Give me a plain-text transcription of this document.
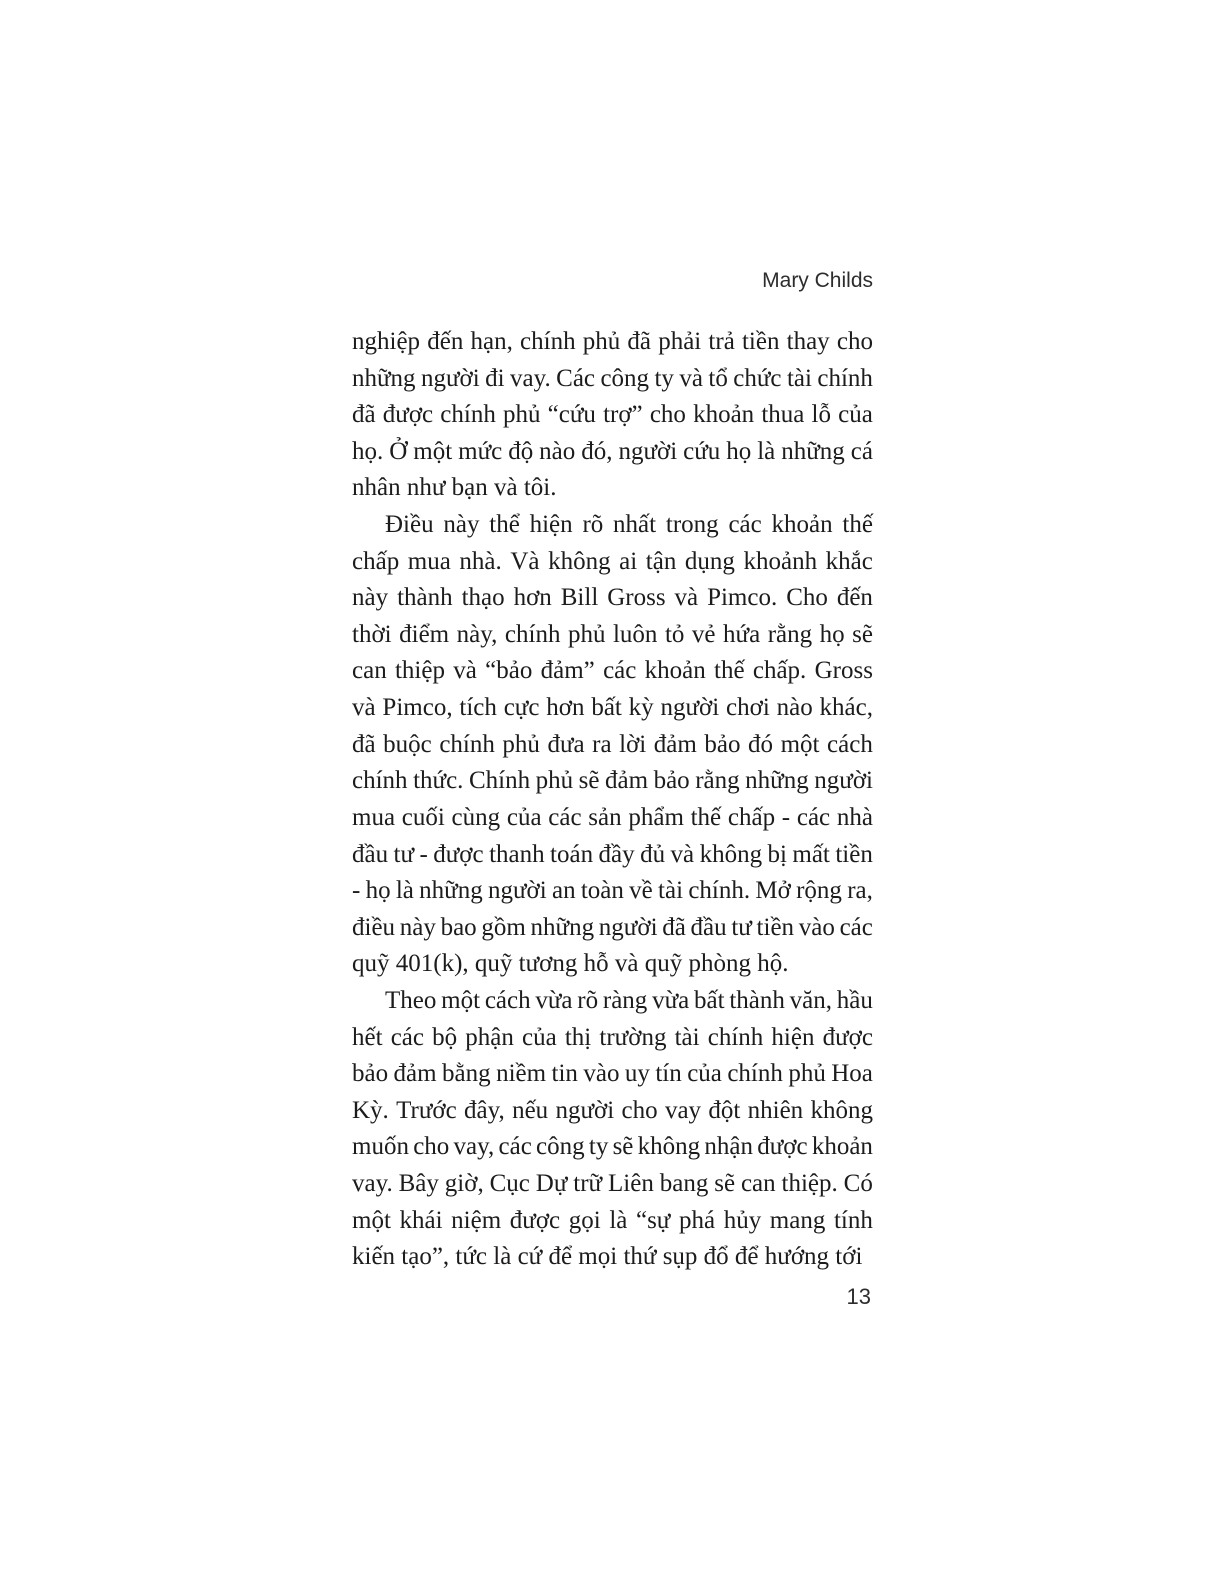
Mary Childs
nghiệp đến hạn, chính phủ đã phải trả tiền thay cho
những người đi vay. Các công ty và tổ chức tài chính
đã được chính phủ “cứu trợ” cho khoản thua lỗ của
họ. Ở một mức độ nào đó, người cứu họ là những cá
nhân như bạn và tôi.
Điều này thể hiện rõ nhất trong các khoản thế
chấp mua nhà. Và không ai tận dụng khoảnh khắc
này thành thạo hơn Bill Gross và Pimco. Cho đến
thời điểm này, chính phủ luôn tỏ vẻ hứa rằng họ sẽ
can thiệp và “bảo đảm” các khoản thế chấp. Gross
và Pimco, tích cực hơn bất kỳ người chơi nào khác,
đã buộc chính phủ đưa ra lời đảm bảo đó một cách
chính thức. Chính phủ sẽ đảm bảo rằng những người
mua cuối cùng của các sản phẩm thế chấp - các nhà
đầu tư - được thanh toán đầy đủ và không bị mất tiền
- họ là những người an toàn về tài chính. Mở rộng ra,
điều này bao gồm những người đã đầu tư tiền vào các
quỹ 401(k), quỹ tương hỗ và quỹ phòng hộ.
Theo một cách vừa rõ ràng vừa bất thành văn, hầu
hết các bộ phận của thị trường tài chính hiện được
bảo đảm bằng niềm tin vào uy tín của chính phủ Hoa
Kỳ. Trước đây, nếu người cho vay đột nhiên không
muốn cho vay, các công ty sẽ không nhận được khoản
vay. Bây giờ, Cục Dự trữ Liên bang sẽ can thiệp. Có
một khái niệm được gọi là “sự phá hủy mang tính
kiến tạo”, tức là cứ để mọi thứ sụp đổ để hướng tới
13
